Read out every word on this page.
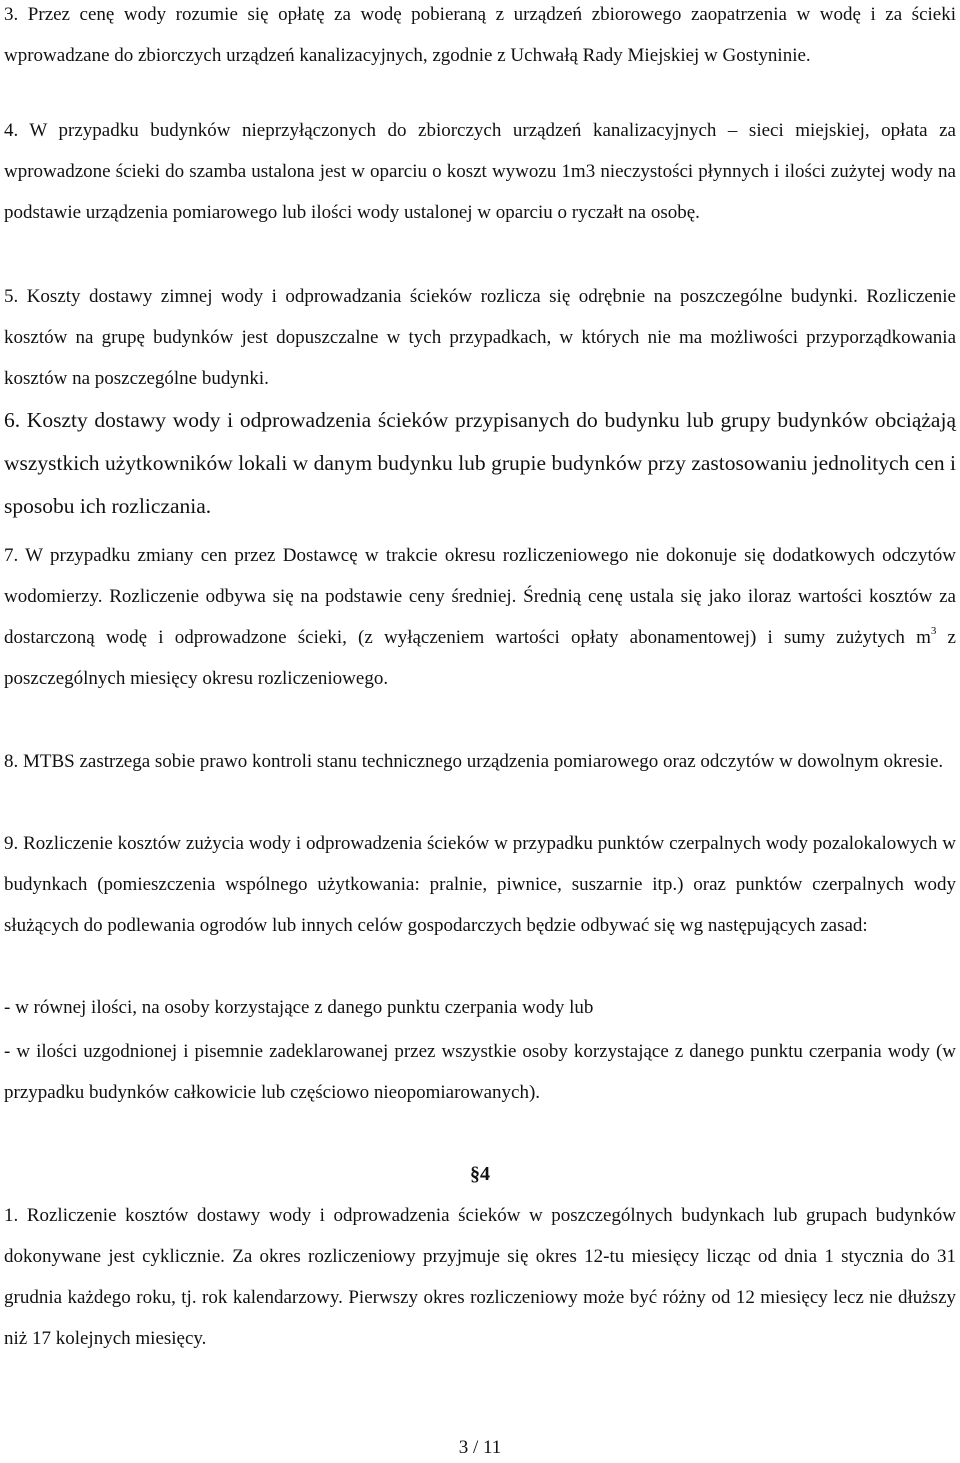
3. Przez cenę wody rozumie się opłatę za wodę pobieraną z urządzeń zbiorowego zaopatrzenia w wodę i za ścieki wprowadzane do zbiorczych urządzeń kanalizacyjnych, zgodnie z Uchwałą Rady Miejskiej w Gostyninie.

4. W przypadku budynków nieprzyłączonych do zbiorczych urządzeń kanalizacyjnych – sieci miejskiej, opłata za wprowadzone ścieki do szamba ustalona jest w oparciu o koszt wywozu 1m3 nieczystości płynnych i ilości zużytej wody na podstawie urządzenia pomiarowego lub ilości wody ustalonej w oparciu o ryczałt na osobę.

5. Koszty dostawy zimnej wody i odprowadzania ścieków rozlicza się odrębnie na poszczególne budynki. Rozliczenie kosztów na grupę budynków jest dopuszczalne w tych przypadkach, w których nie ma możliwości przyporządkowania kosztów na poszczególne budynki.

6. Koszty dostawy wody i odprowadzenia ścieków przypisanych do budynku lub grupy budynków obciążają wszystkich użytkowników lokali w danym budynku lub grupie budynków przy zastosowaniu jednolitych cen i sposobu ich rozliczania.

7. W przypadku zmiany cen przez Dostawcę w trakcie okresu rozliczeniowego nie dokonuje się dodatkowych odczytów wodomierzy. Rozliczenie odbywa się na podstawie ceny średniej. Średnią cenę ustala się jako iloraz wartości kosztów za dostarczoną wodę i odprowadzone ścieki, (z wyłączeniem wartości opłaty abonamentowej) i sumy zużytych $m^3$ z poszczególnych miesięcy okresu rozliczeniowego.

8. MTBS zastrzega sobie prawo kontroli stanu technicznego urządzenia pomiarowego oraz odczytów w dowolnym okresie.

9. Rozliczenie kosztów zużycia wody i odprowadzenia ścieków w przypadku punktów czerpalnych wody pozalokalowych w budynkach (pomieszczenia wspólnego użytkowania: pralnie, piwnice, suszarnie itp.) oraz punktów czerpalnych wody służących do podlewania ogrodów lub innych celów gospodarczych będzie odbywać się wg następujących zasad:

- w równej ilości, na osoby korzystające z danego punktu czerpania wody lub

- w ilości uzgodnionej i pisemnie zadeklarowanej przez wszystkie osoby korzystające z danego punktu czerpania wody (w przypadku budynków całkowicie lub częściowo nieopomiarowanych).

§4

1. Rozliczenie kosztów dostawy wody i odprowadzenia ścieków w poszczególnych budynkach lub grupach budynków dokonywane jest cyklicznie. Za okres rozliczeniowy przyjmuje się okres 12-tu miesięcy licząc od dnia 1 stycznia do 31 grudnia każdego roku, tj. rok kalendarzowy. Pierwszy okres rozliczeniowy może być różny od 12 miesięcy lecz nie dłuższy niż 17 kolejnych miesięcy.

3 / 11
